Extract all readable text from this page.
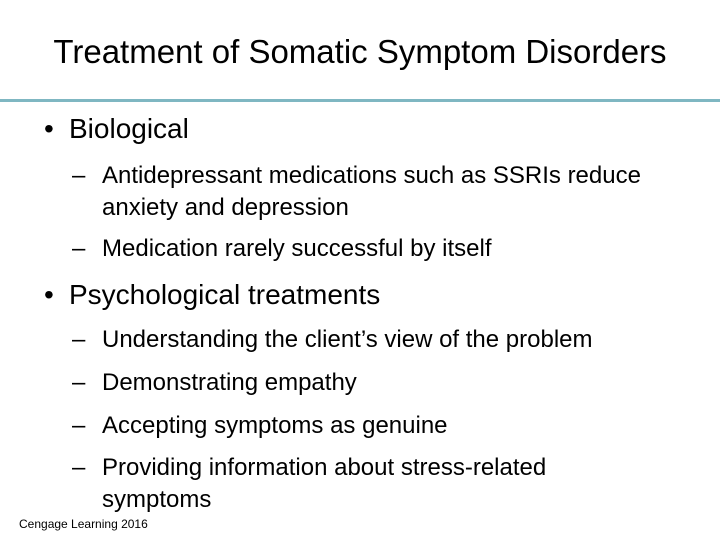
Treatment of Somatic Symptom Disorders
• Biological
– Antidepressant medications such as SSRIs reduce anxiety and depression
– Medication rarely successful by itself
• Psychological treatments
– Understanding the client’s view of the problem
– Demonstrating empathy
– Accepting symptoms as genuine
– Providing information about stress-related symptoms
Cengage Learning 2016
